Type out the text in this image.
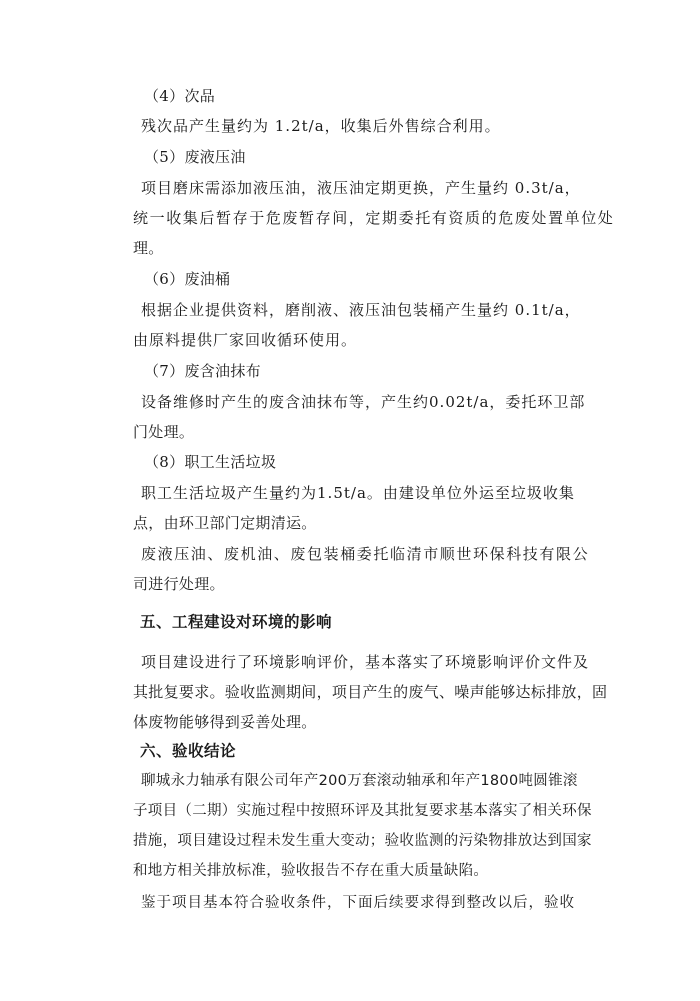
（4）次品
残次品产生量约为 1.2t/a，收集后外售综合利用。
（5）废液压油
项目磨床需添加液压油，液压油定期更换，产生量约 0.3t/a，
统一收集后暂存于危废暂存间，定期委托有资质的危废处置单位处
理。
（6）废油桶
根据企业提供资料，磨削液、液压油包装桶产生量约 0.1t/a，
由原料提供厂家回收循环使用。
（7）废含油抹布
设备维修时产生的废含油抹布等，产生约0.02t/a，委托环卫部
门处理。
（8）职工生活垃圾
职工生活垃圾产生量约为1.5t/a。由建设单位外运至垃圾收集
点，由环卫部门定期清运。
废液压油、废机油、废包装桶委托临清市顺世环保科技有限公
司进行处理。
五、工程建设对环境的影响
项目建设进行了环境影响评价，基本落实了环境影响评价文件及
其批复要求。验收监测期间，项目产生的废气、噪声能够达标排放，固
体废物能够得到妥善处理。
六、验收结论
聊城永力轴承有限公司年产200万套滚动轴承和年产1800吨圆锥滚
子项目（二期）实施过程中按照环评及其批复要求基本落实了相关环保
措施，项目建设过程未发生重大变动；验收监测的污染物排放达到国家
和地方相关排放标准，验收报告不存在重大质量缺陷。
鉴于项目基本符合验收条件，下面后续要求得到整改以后，验收
